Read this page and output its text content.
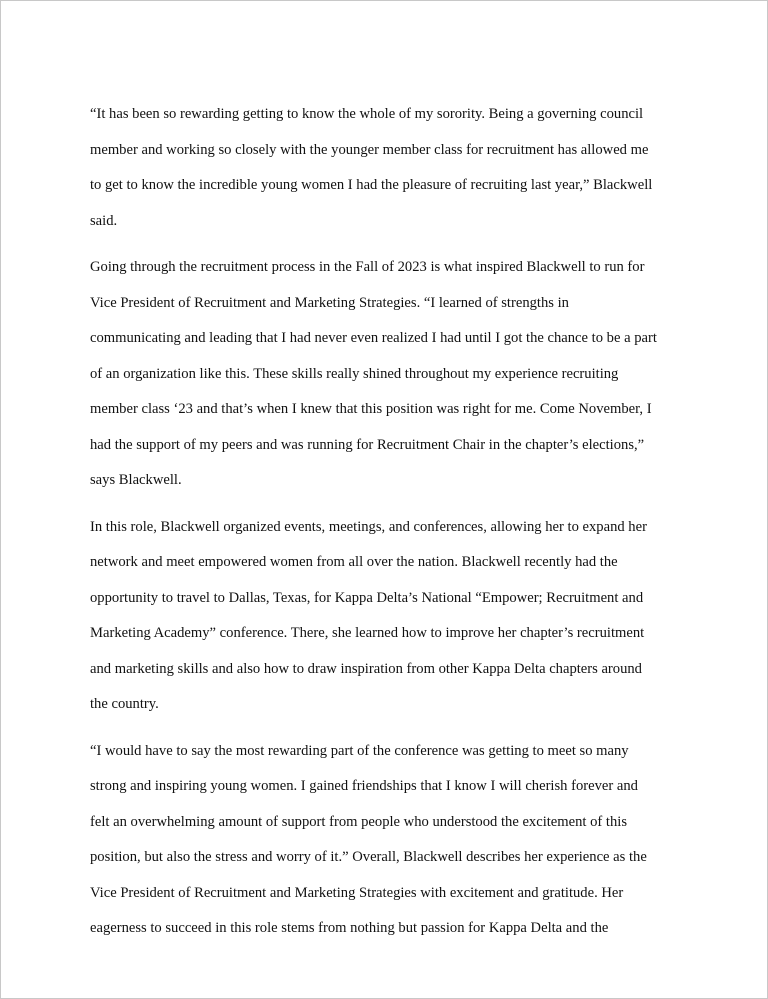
“It has been so rewarding getting to know the whole of my sorority. Being a governing council
member and working so closely with the younger member class for recruitment has allowed me
to get to know the incredible young women I had the pleasure of recruiting last year,” Blackwell
said.
Going through the recruitment process in the Fall of 2023 is what inspired Blackwell to run for
Vice President of Recruitment and Marketing Strategies. “I learned of strengths in
communicating and leading that I had never even realized I had until I got the chance to be a part
of an organization like this. These skills really shined throughout my experience recruiting
member class ‘23 and that’s when I knew that this position was right for me. Come November, I
had the support of my peers and was running for Recruitment Chair in the chapter’s elections,”
says Blackwell.
In this role, Blackwell organized events, meetings, and conferences, allowing her to expand her
network and meet empowered women from all over the nation. Blackwell recently had the
opportunity to travel to Dallas, Texas, for Kappa Delta’s National “Empower; Recruitment and
Marketing Academy” conference. There, she learned how to improve her chapter’s recruitment
and marketing skills and also how to draw inspiration from other Kappa Delta chapters around
the country.
“I would have to say the most rewarding part of the conference was getting to meet so many
strong and inspiring young women. I gained friendships that I know I will cherish forever and
felt an overwhelming amount of support from people who understood the excitement of this
position, but also the stress and worry of it.” Overall, Blackwell describes her experience as the
Vice President of Recruitment and Marketing Strategies with excitement and gratitude. Her
eagerness to succeed in this role stems from nothing but passion for Kappa Delta and the
